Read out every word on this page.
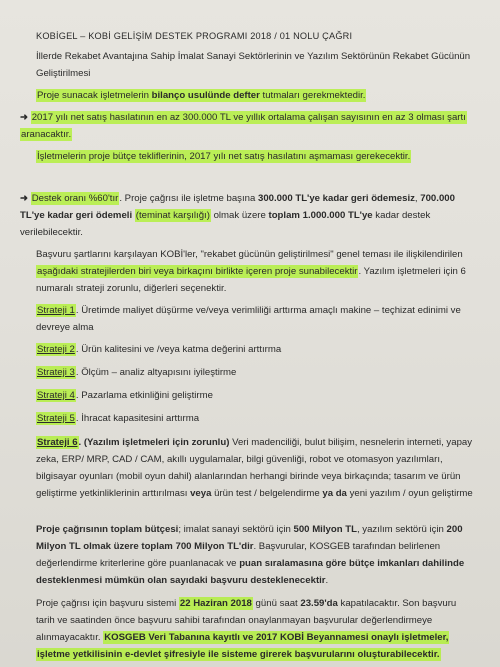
KOBİGEL – KOBİ GELİŞİM DESTEK PROGRAMI 2018 / 01 NOLU ÇAĞRI

İllerde Rekabet Avantajına Sahip İmalat Sanayi Sektörlerinin ve Yazılım Sektörünün Rekabet Gücünün Geliştirilmesi

Proje sunacak işletmelerin bilanço usulünde defter tutmaları gerekmektedir.

➜ 2017 yılı net satış hasılatının en az 300.000 TL ve yıllık ortalama çalışan sayısının en az 3 olması şartı aranacaktır.

İşletmelerin proje bütçe tekliflerinin, 2017 yılı net satış hasılatını aşmaması gerekecektir.

➜ Destek oranı %60'tır. Proje çağrısı ile işletme başına 300.000 TL'ye kadar geri ödemesiz, 700.000 TL'ye kadar geri ödemeli (teminat karşılığı) olmak üzere toplam 1.000.000 TL'ye kadar destek verilebilecektir.

Başvuru şartlarını karşılayan KOBİ'ler, "rekabet gücünün geliştirilmesi" genel teması ile ilişkilendirilen aşağıdaki stratejilerden biri veya birkaçını birlikte içeren proje sunabilecektir. Yazılım işletmeleri için 6 numaralı strateji zorunlu, diğerleri seçenektir.

Strateji 1. Üretimde maliyet düşürme ve/veya verimliliği arttırma amaçlı makine – teçhizat edinimi ve devreye alma

Strateji 2. Ürün kalitesini ve /veya katma değerini arttırma

Strateji 3. Ölçüm – analiz altyapısını iyileştirme

Strateji 4. Pazarlama etkinliğini geliştirme

Strateji 5. İhracat kapasitesini arttırma

Strateji 6. (Yazılım işletmeleri için zorunlu) Veri madenciliği, bulut bilişim, nesnelerin interneti, yapay zeka, ERP/ MRP, CAD / CAM, akıllı uygulamalar, bilgi güvenliği, robot ve otomasyon yazılımları, bilgisayar oyunları (mobil oyun dahil) alanlarından herhangi birinde veya birkaçında; tasarım ve ürün geliştirme yetkinliklerinin arttırılması veya ürün test / belgelendirme ya da yeni yazılım / oyun geliştirme

Proje çağrısının toplam bütçesi; imalat sanayi sektörü için 500 Milyon TL, yazılım sektörü için 200 Milyon TL olmak üzere toplam 700 Milyon TL'dir. Başvurular, KOSGEB tarafından belirlenen değerlendirme kriterlerine göre puanlanacak ve puan sıralamasına göre bütçe imkanları dahilinde desteklenmesi mümkün olan sayıdaki başvuru desteklenecektir.

Proje çağrısı için başvuru sistemi 22 Haziran 2018 günü saat 23.59'da kapatılacaktır. Son başvuru tarih ve saatinden önce başvuru sahibi tarafından onaylanmayan başvurular değerlendirmeye alınmayacaktır. KOSGEB Veri Tabanına kayıtlı ve 2017 KOBİ Beyannamesi onaylı işletmeler, işletme yetkilisinin e-devlet şifresiyle ile sisteme girerek başvurularını oluşturabilecektir.
